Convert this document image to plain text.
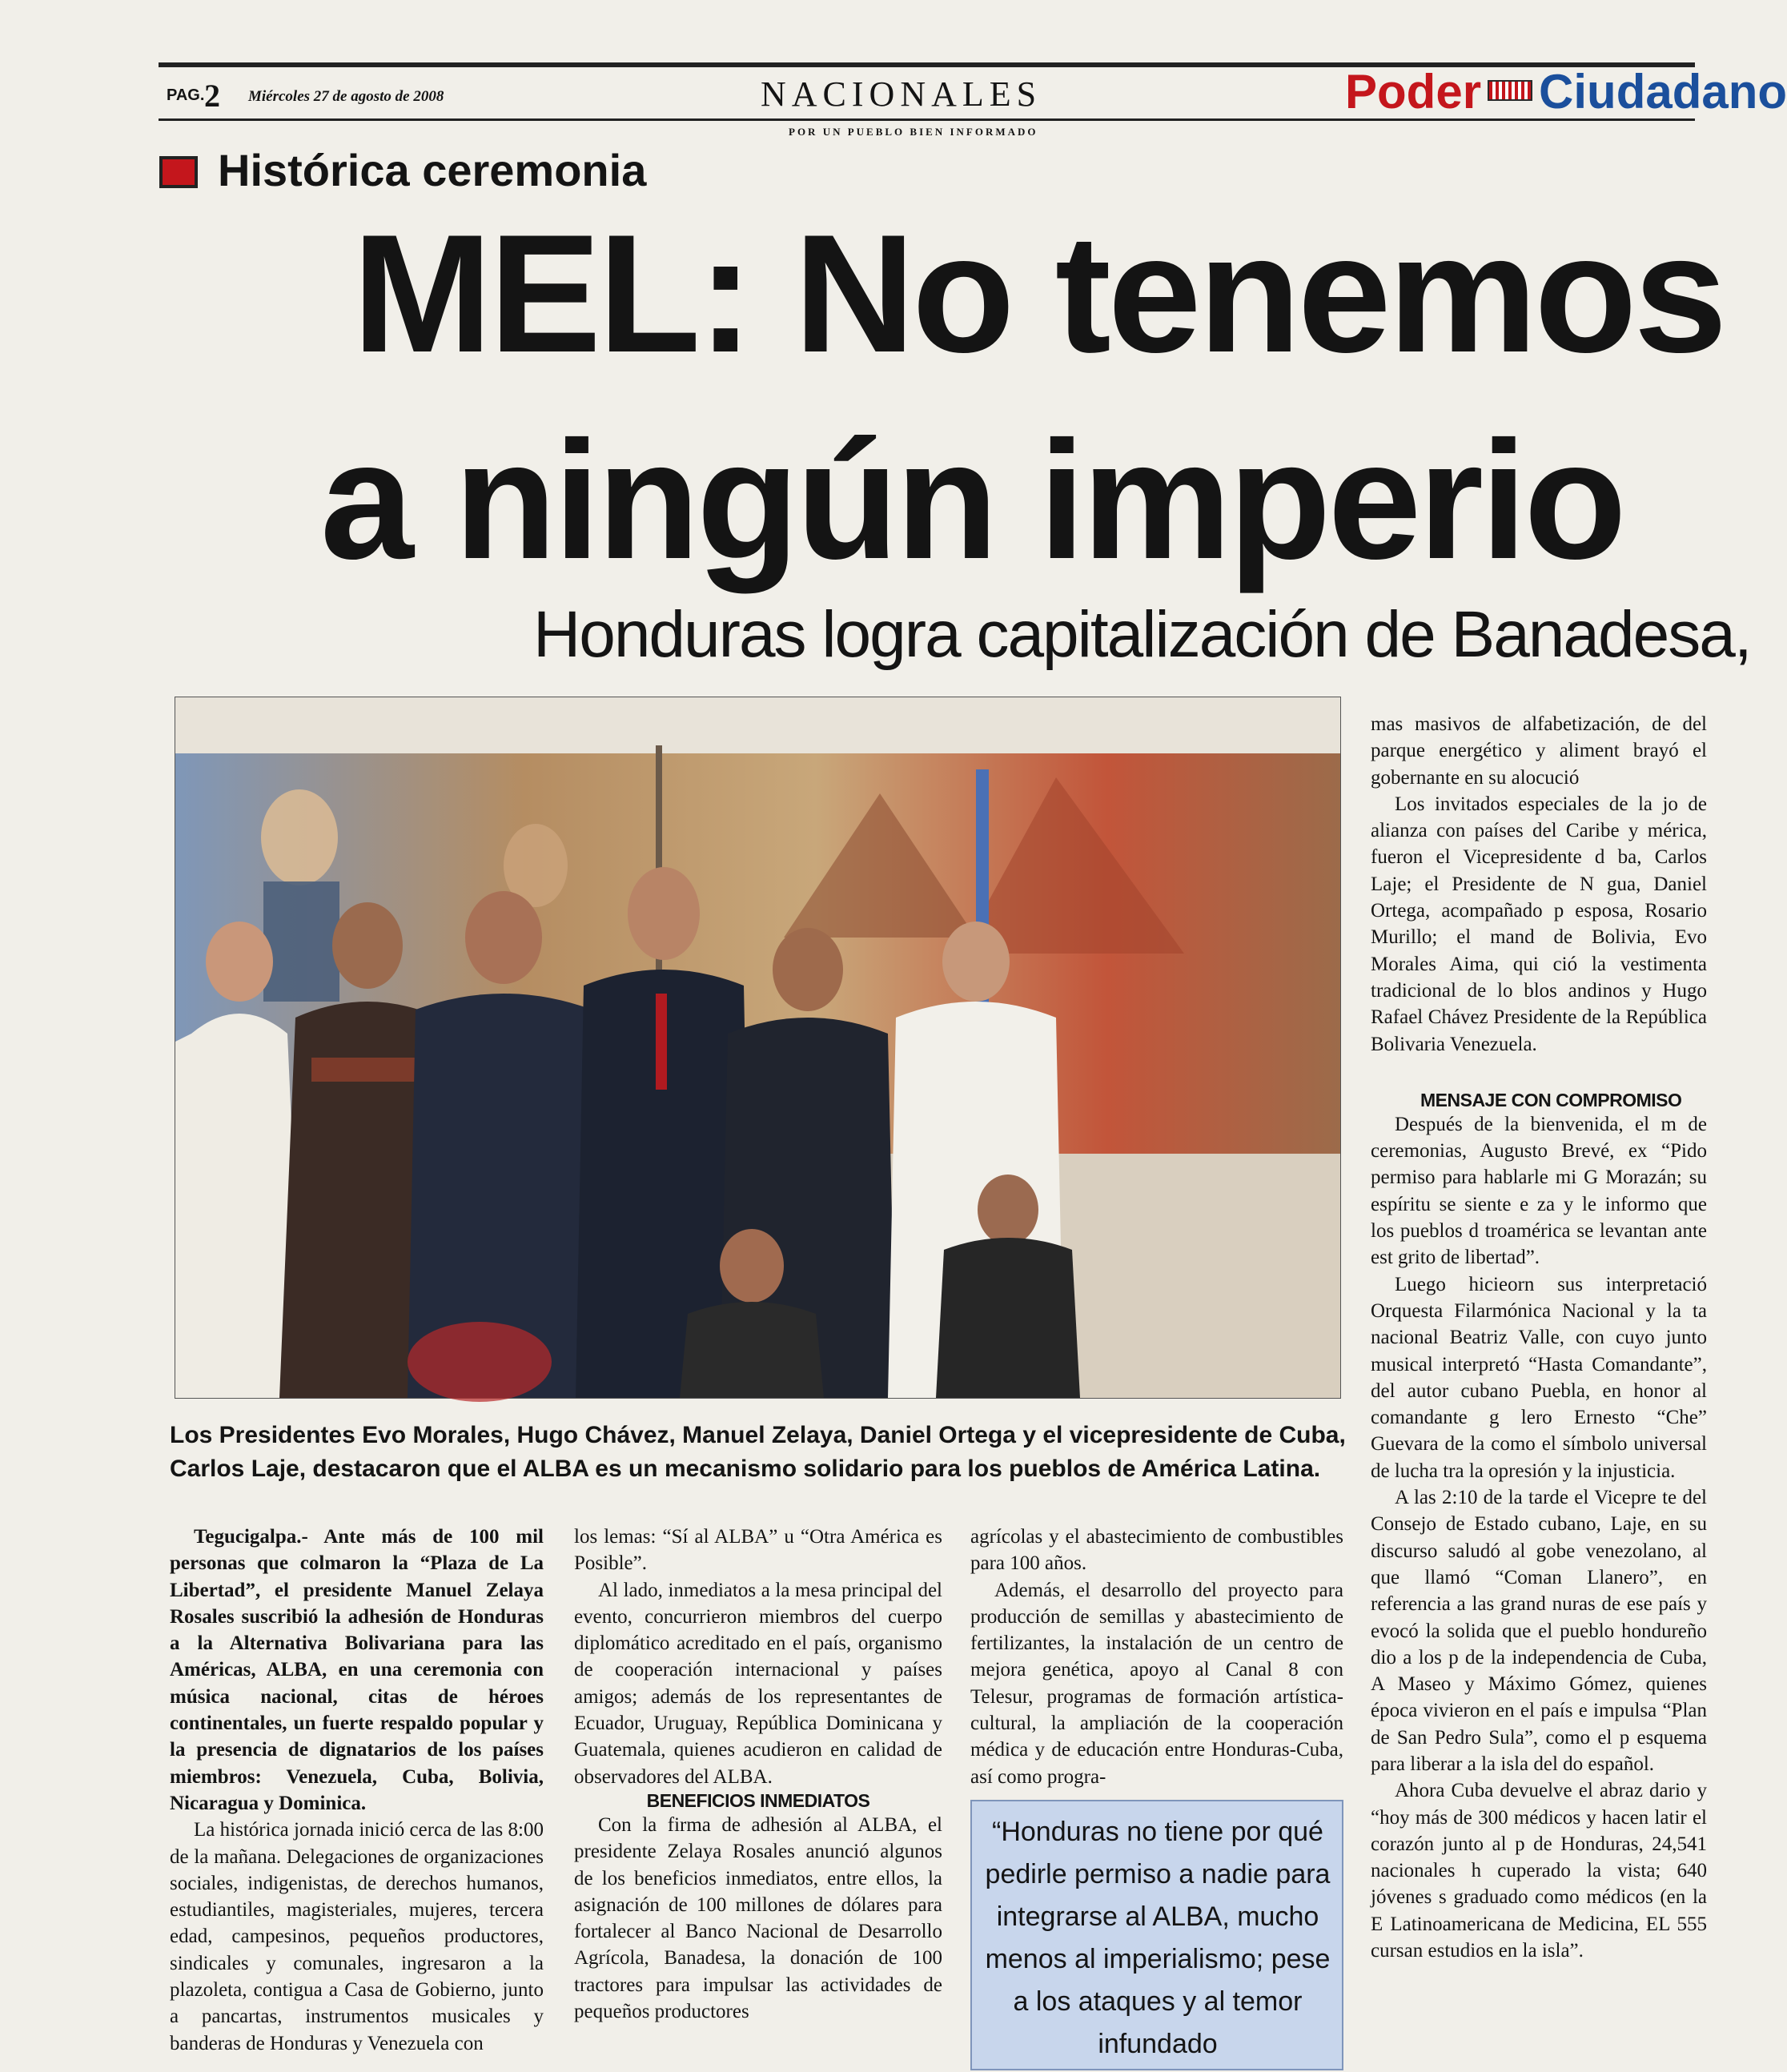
PAG. 2 Miércoles 27 de agosto de 2008	NACIONALES
POR UN PUEBLO BIEN INFORMADO
Poder Ciudadano
Histórica ceremonia
MEL: No tenemos
a ningún imperio
Honduras logra capitalización de Banadesa,
Los Presidentes Evo Morales, Hugo Chávez, Manuel Zelaya, Daniel Ortega y el vicepresidente de Cuba, Carlos Laje, destacaron que el ALBA es un mecanismo solidario para los pueblos de América Latina.

Tegucigalpa.- Ante más de 100 mil personas que colmaron la “Plaza de La Libertad”, el presidente Manuel Zelaya Rosales suscribió la adhesión de Honduras a la Alternativa Bolivariana para las Américas, ALBA, en una ceremonia con música nacional, citas de héroes continentales, un fuerte respaldo popular y la presencia de dignatarios de los países miembros: Venezuela, Cuba, Bolivia, Nicaragua y Dominica.

La histórica jornada inició cerca de las 8:00 de la mañana. Delegaciones de organizaciones sociales, indigenistas, de derechos humanos, estudiantiles, magisteriales, mujeres, tercera edad, campesinos, pequeños productores, sindicales y comunales, ingresaron a la plazoleta, contigua a Casa de Gobierno, junto a pancartas, instrumentos musicales y banderas de Honduras y Venezuela con

los lemas: “Sí al ALBA” u “Otra América es Posible”.

Al lado, inmediatos a la mesa principal del evento, concurrieron miembros del cuerpo diplomático acreditado en el país, organismo de cooperación internacional y países amigos; además de los representantes de Ecuador, Uruguay, República Dominicana y Guatemala, quienes acudieron en calidad de observadores del ALBA.

BENEFICIOS INMEDIATOS

Con la firma de adhesión al ALBA, el presidente Zelaya Rosales anunció algunos de los beneficios inmediatos, entre ellos, la asignación de 100 millones de dólares para fortalecer al Banco Nacional de Desarrollo Agrícola, Banadesa, la donación de 100 tractores para impulsar las actividades de pequeños productores

agrícolas y el abastecimiento de combustibles para 100 años.

Además, el desarrollo del proyecto para producción de semillas y abastecimiento de fertilizantes, la instalación de un centro de mejora genética, apoyo al Canal 8 con Telesur, programas de formación artística-cultural, la ampliación de la cooperación médica y de educación entre Honduras-Cuba, así como progra-

“Honduras no tiene por qué pedirle permiso a nadie para integrarse al ALBA, mucho menos al imperialismo; pese a los ataques y al temor infundado

mas masivos de alfabetización, de del parque energético y aliment brayó el gobernante en su alocució

Los invitados especiales de la jo de alianza con países del Caribe y mérica, fueron el Vicepresidente d ba, Carlos Laje; el Presidente de N gua, Daniel Ortega, acompañado p esposa, Rosario Murillo; el mand de Bolivia, Evo Morales Aima, qui ció la vestimenta tradicional de lo blos andinos y Hugo Rafael Chávez Presidente de la República Bolivaria Venezuela.

MENSAJE CON COMPROMISO

Después de la bienvenida, el m de ceremonias, Augusto Brevé, ex “Pido permiso para hablarle mi G Morazán; su espíritu se siente e za y le informo que los pueblos d troamérica se levantan ante est grito de libertad”.

Luego hicieorn sus interpretació Orquesta Filarmónica Nacional y la ta nacional Beatriz Valle, con cuyo junto musical interpretó “Hasta Comandante”, del autor cubano Puebla, en honor al comandante g lero Ernesto “Che” Guevara de la como el símbolo universal de lucha tra la opresión y la injusticia.

A las 2:10 de la tarde el Vicepre te del Consejo de Estado cubano, Laje, en su discurso saludó al gobe venezolano, al que llamó “Coman Llanero”, en referencia a las grand nuras de ese país y evocó la solida que el pueblo hondureño dio a los p de la independencia de Cuba, A Maseo y Máximo Gómez, quienes época vivieron en el país e impulsa “Plan de San Pedro Sula”, como el p esquema para liberar a la isla del do español.

Ahora Cuba devuelve el abraz dario y “hoy más de 300 médicos y hacen latir el corazón junto al p de Honduras, 24,541 nacionales h cuperado la vista; 640 jóvenes s graduado como médicos (en la E Latinoamericana de Medicina, EL 555 cursan estudios en la isla”.
